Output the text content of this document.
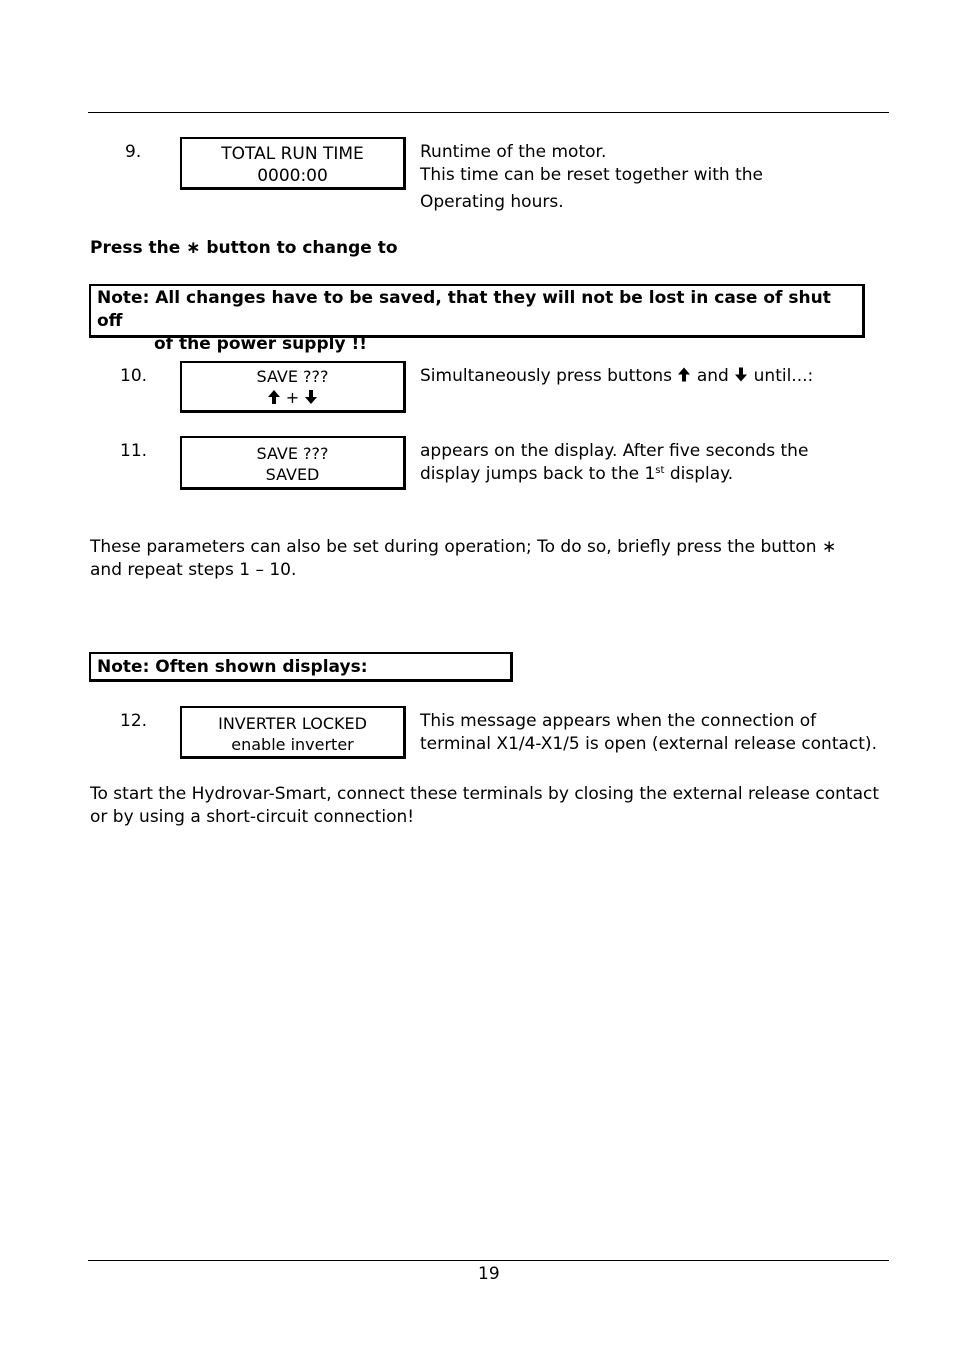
9.	TOTAL RUN TIME
0000:00
Runtime of the motor.
This time can be reset together with the
Operating hours.
Press the ∗ button to change to
Note: All changes have to be saved, that they will not be lost in case of shut off
of the power supply !!
10.	SAVE ???
+
Simultaneously press buttons and until...:
11.	SAVE ???
SAVED
appears on the display. After five seconds the
display jumps back to the 1st display.
These parameters can also be set during operation; To do so, briefly press the button ∗
and repeat steps 1 – 10.
Note: Often shown displays:
12.	INVERTER LOCKED
enable inverter
This message appears when the connection of
terminal X1/4-X1/5 is open (external release contact).
To start the Hydrovar-Smart, connect these terminals by closing the external release contact
or by using a short-circuit connection!
19
